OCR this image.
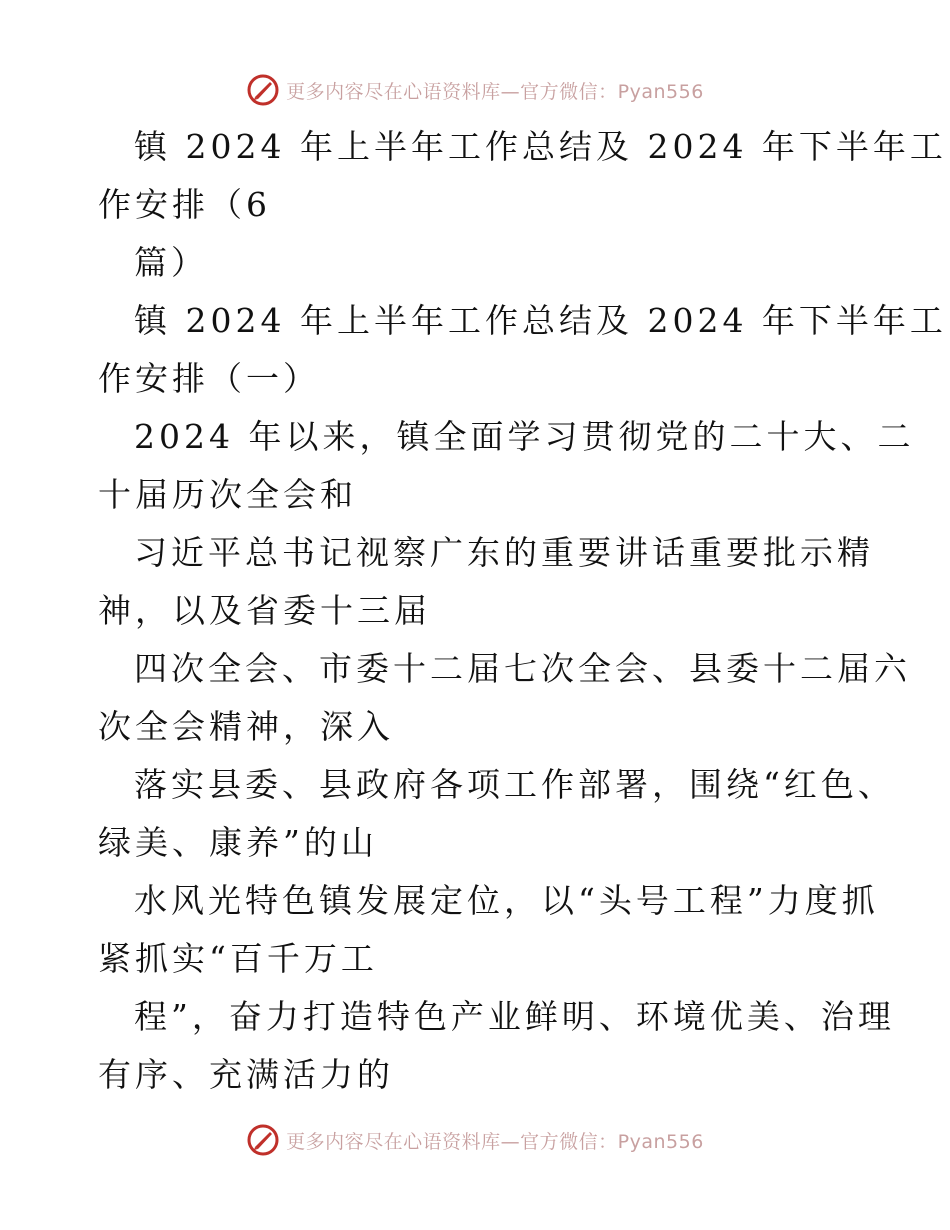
更多内容尽在心语资料库—官方微信：Pyan556

镇 2024 年上半年工作总结及 2024 年下半年工

作安排（6

篇）

镇 2024 年上半年工作总结及 2024 年下半年工

作安排（一）

2024 年以来，镇全面学习贯彻党的二十大、二

十届历次全会和

习近平总书记视察广东的重要讲话重要批示精

神，以及省委十三届

四次全会、市委十二届七次全会、县委十二届六

次全会精神，深入

落实县委、县政府各项工作部署，围绕“红色、

绿美、康养”的山

水风光特色镇发展定位，以“头号工程”力度抓

紧抓实“百千万工

程”，奋力打造特色产业鲜明、环境优美、治理

有序、充满活力的

更多内容尽在心语资料库—官方微信：Pyan556
